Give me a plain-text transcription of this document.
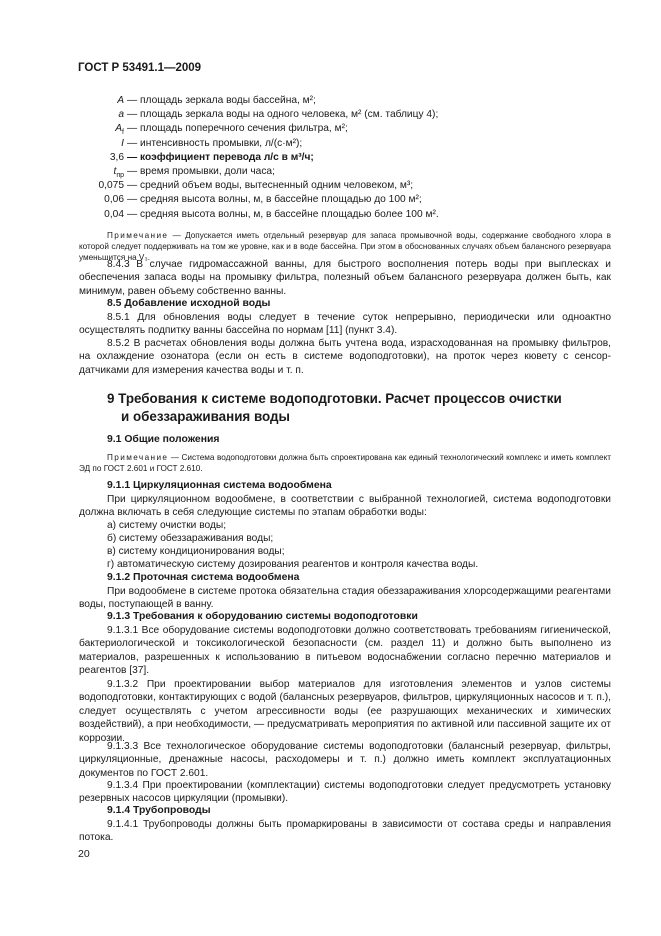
ГОСТ Р 53491.1—2009
A — площадь зеркала воды бассейна, м²;
a — площадь зеркала воды на одного человека, м² (см. таблицу 4);
$A_f$ — площадь поперечного сечения фильтра, м²;
I — интенсивность промывки, л/(с·м²);
3,6 — коэффициент перевода л/с в м³/ч;
$t_{пр}$ — время промывки, доли часа;
0,075 — средний объем воды, вытесненный одним человеком, м³;
0,06 — средняя высота волны, м, в бассейне площадью до 100 м²;
0,04 — средняя высота волны, м, в бассейне площадью более 100 м².
Примечание — Допускается иметь отдельный резервуар для запаса промывочной воды, содержание свободного хлора в которой следует поддерживать на том же уровне, как и в воде бассейна. При этом в обоснованных случаях объем балансного резервуара уменьшится на V₃.
8.4.3 В случае гидромассажной ванны, для быстрого восполнения потерь воды при выплесках и обеспечения запаса воды на промывку фильтра, полезный объем балансного резервуара должен быть, как минимум, равен объему собственно ванны.
8.5 Добавление исходной воды
8.5.1 Для обновления воды следует в течение суток непрерывно, периодически или одноактно осуществлять подпитку ванны бассейна по нормам [11] (пункт 3.4).
8.5.2 В расчетах обновления воды должна быть учтена вода, израсходованная на промывку фильтров, на охлаждение озонатора (если он есть в системе водоподготовки), на проток через кювету с сенсор-датчиками для измерения качества воды и т. п.
9 Требования к системе водоподготовки. Расчет процессов очистки
и обеззараживания воды
9.1 Общие положения
Примечание — Система водоподготовки должна быть спроектирована как единый технологический комплекс и иметь комплект ЭД по ГОСТ 2.601 и ГОСТ 2.610.
9.1.1 Циркуляционная система водообмена
При циркуляционном водообмене, в соответствии с выбранной технологией, система водоподготовки должна включать в себя следующие системы по этапам обработки воды:
а) систему очистки воды;
б) систему обеззараживания воды;
в) систему кондиционирования воды;
г) автоматическую систему дозирования реагентов и контроля качества воды.
9.1.2 Проточная система водообмена
При водообмене в системе протока обязательна стадия обеззараживания хлорсодержащими реагентами воды, поступающей в ванну.
9.1.3 Требования к оборудованию системы водоподготовки
9.1.3.1 Все оборудование системы водоподготовки должно соответствовать требованиям гигиенической, бактериологической и токсикологической безопасности (см. раздел 11) и должно быть выполнено из материалов, разрешенных к использованию в питьевом водоснабжении согласно перечню материалов и реагентов [37].
9.1.3.2 При проектировании выбор материалов для изготовления элементов и узлов системы водоподготовки, контактирующих с водой (балансных резервуаров, фильтров, циркуляционных насосов и т. п.), следует осуществлять с учетом агрессивности воды (ее разрушающих механических и химических воздействий), а при необходимости, — предусматривать мероприятия по активной или пассивной защите их от коррозии.
9.1.3.3 Все технологическое оборудование системы водоподготовки (балансный резервуар, фильтры, циркуляционные, дренажные насосы, расходомеры и т. п.) должно иметь комплект эксплуатационных документов по ГОСТ 2.601.
9.1.3.4 При проектировании (комплектации) системы водоподготовки следует предусмотреть установку резервных насосов циркуляции (промывки).
9.1.4 Трубопроводы
9.1.4.1 Трубопроводы должны быть промаркированы в зависимости от состава среды и направления потока.
20
